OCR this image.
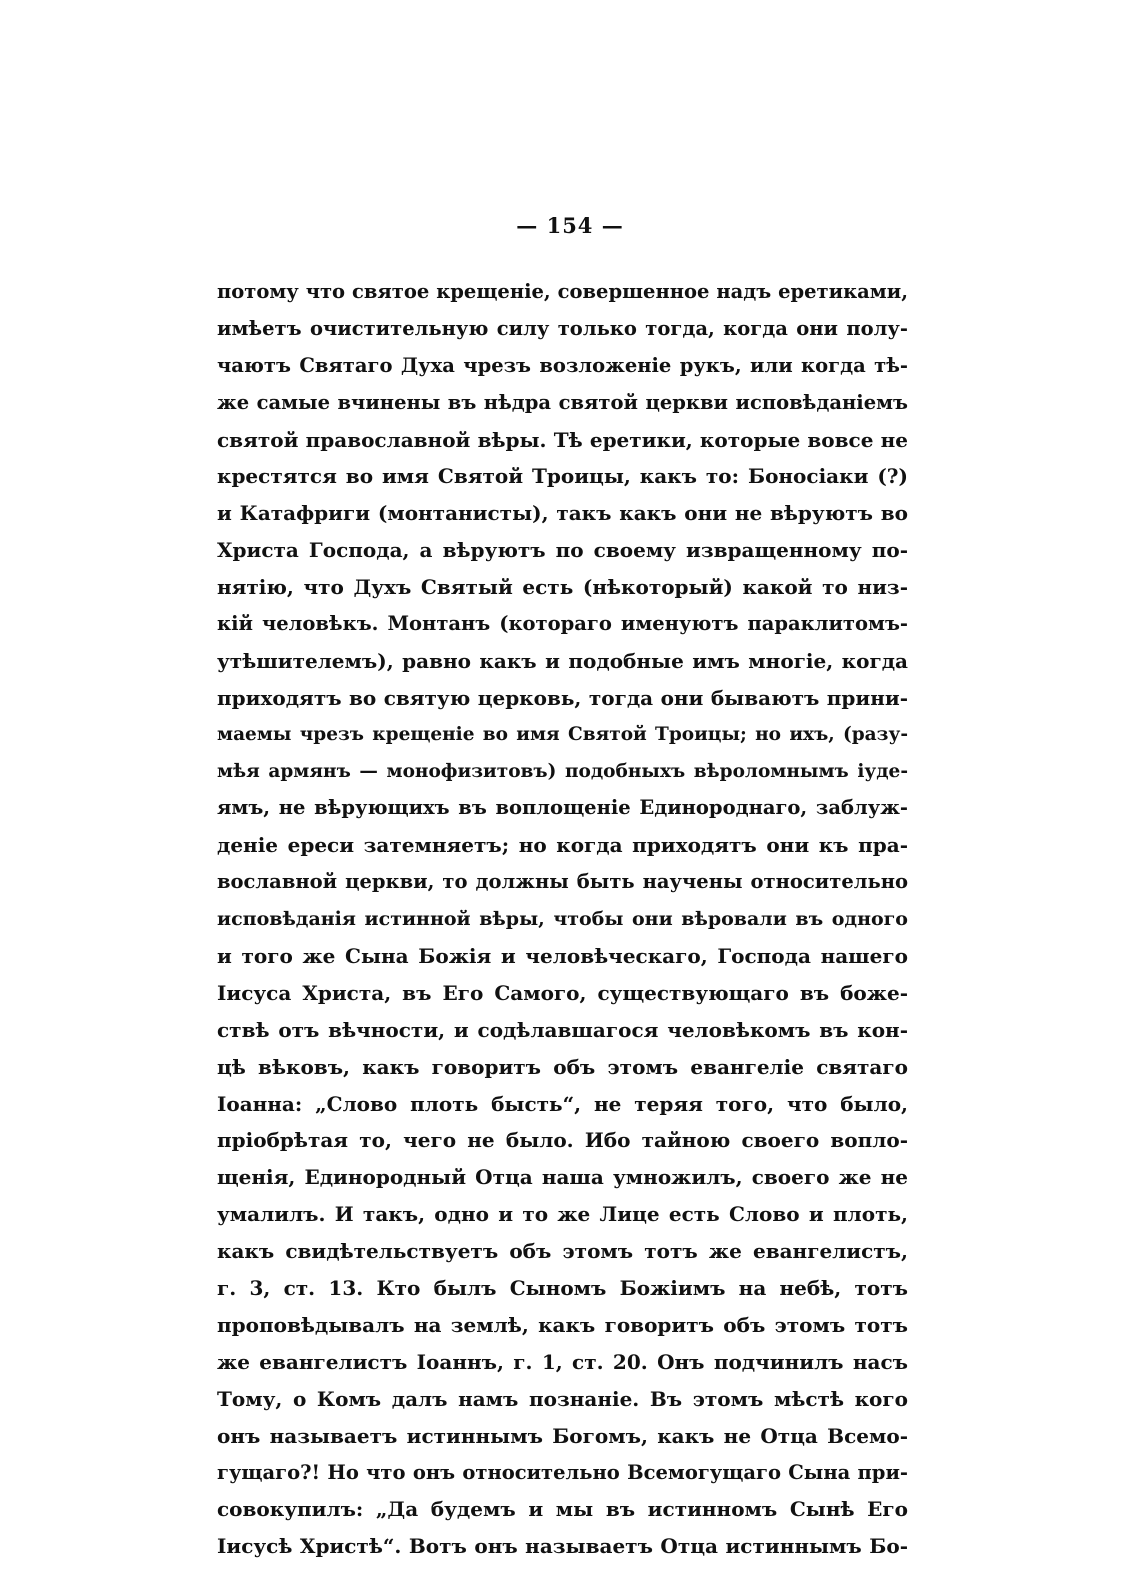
— 154 —
потому что святое крещеніе, совершенное надъ еретиками,
имѣетъ очистительную силу только тогда, когда они полу-
чаютъ Святаго Духа чрезъ возложеніе рукъ, или когда тѣ-
же самые вчинены въ нѣдра святой церкви исповѣданіемъ
святой православной вѣры. Тѣ еретики, которые вовсе не
крестятся во имя Святой Троицы, какъ то: Боносіаки (?)
и Катафриги (монтанисты), такъ какъ они не вѣруютъ во
Христа Господа, а вѣруютъ по своему извращенному по-
нятію, что Духъ Святый есть (нѣкоторый) какой то низ-
кій человѣкъ. Монтанъ (котораго именуютъ параклитомъ-
утѣшителемъ), равно какъ и подобные имъ многіе, когда
приходятъ во святую церковь, тогда они бываютъ прини-
маемы чрезъ крещеніе во имя Святой Троицы; но ихъ, (разу-
мѣя армянъ — монофизитовъ) подобныхъ вѣроломнымъ іуде-
ямъ, не вѣрующихъ въ воплощеніе Единороднаго, заблуж-
деніе ереси затемняетъ; но когда приходятъ они къ пра-
вославной церкви, то должны быть научены относительно
исповѣданія истинной вѣры, чтобы они вѣровали въ одного
и того же Сына Божія и человѣческаго, Господа нашего
Іисуса Христа, въ Его Самого, существующаго въ боже-
ствѣ отъ вѣчности, и содѣлавшагося человѣкомъ въ кон-
цѣ вѣковъ, какъ говоритъ объ этомъ евангеліе святаго
Іоанна: „Слово плоть бысть“, не теряя того, что было,
пріобрѣтая то, чего не было. Ибо тайною своего вопло-
щенія, Единородный Отца наша умножилъ, своего же не
умалилъ. И такъ, одно и то же Лице есть Слово и плоть,
какъ свидѣтельствуетъ объ этомъ тотъ же евангелистъ,
г. 3, ст. 13. Кто былъ Сыномъ Божіимъ на небѣ, тотъ
проповѣдывалъ на землѣ, какъ говоритъ объ этомъ тотъ
же евангелистъ Іоаннъ, г. 1, ст. 20. Онъ подчинилъ насъ
Тому, о Комъ далъ намъ познаніе. Въ этомъ мѣстѣ кого
онъ называетъ истиннымъ Богомъ, какъ не Отца Всемо-
гущаго?! Но что онъ относительно Всемогущаго Сына при-
совокупилъ: „Да будемъ и мы въ истинномъ Сынѣ Его
Іисусѣ Христѣ“. Вотъ онъ называетъ Отца истиннымъ Бо-
